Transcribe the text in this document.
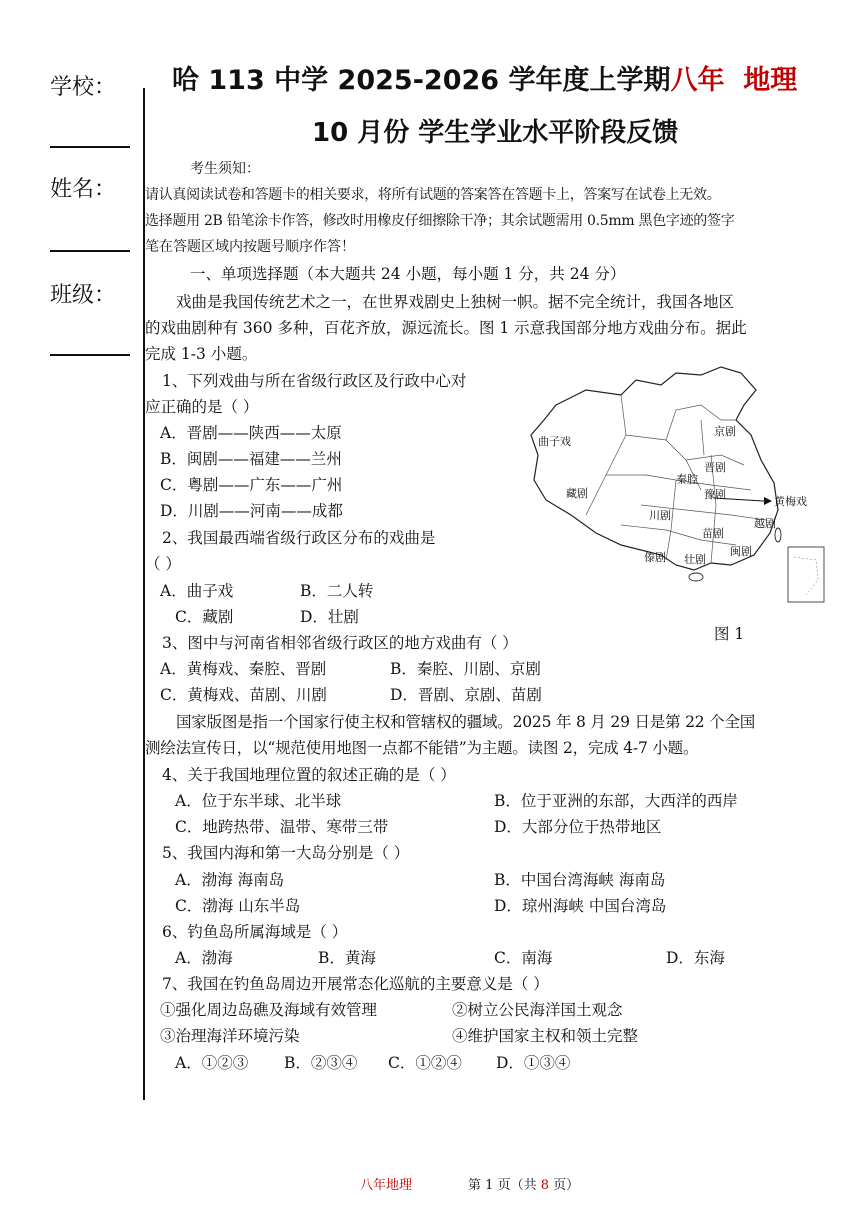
学校：
姓名：
班级：
哈 113 中学 2025-2026 学年度上学期八年 地理
10 月份 学生学业水平阶段反馈
考生须知：
请认真阅读试卷和答题卡的相关要求，将所有试题的答案答在答题卡上，答案写在试卷上无效。
选择题用 2B 铅笔涂卡作答，修改时用橡皮仔细擦除干净；其余试题需用 0.5mm 黑色字迹的签字
笔在答题区域内按题号顺序作答！
一、单项选择题（本大题共 24 小题，每小题 1 分，共 24 分）
戏曲是我国传统艺术之一，在世界戏剧史上独树一帜。据不完全统计，我国各地区
的戏曲剧种有 360 多种，百花齐放，源远流长。图 1 示意我国部分地方戏曲分布。据此
完成 1-3 小题。
1、下列戏曲与所在省级行政区及行政中心对
应正确的是（ ）
A．晋剧——陕西——太原
B．闽剧——福建——兰州
C．粤剧——广东——广州
D．川剧——河南——成都
2、我国最西端省级行政区分布的戏曲是
（ ）
A．曲子戏	B．二人转
C．藏剧	D．壮剧
曲子戏
京剧
晋剧
藏剧
秦腔
豫剧
黄梅戏
川剧
苗剧
越剧
傣剧 壮剧
闽剧
图 1
3、图中与河南省相邻省级行政区的地方戏曲有（ ）
A．黄梅戏、秦腔、晋剧	B．秦腔、川剧、京剧
C．黄梅戏、苗剧、川剧	D．晋剧、京剧、苗剧
国家版图是指一个国家行使主权和管辖权的疆域。2025 年 8 月 29 日是第 22 个全国
测绘法宣传日，以“规范使用地图一点都不能错”为主题。读图 2，完成 4-7 小题。
4、关于我国地理位置的叙述正确的是（ ）
A．位于东半球、北半球	B．位于亚洲的东部，大西洋的西岸
C．地跨热带、温带、寒带三带	D．大部分位于热带地区
5、我国内海和第一大岛分别是（ ）
A．渤海 海南岛	B．中国台湾海峡 海南岛
C．渤海 山东半岛	D．琼州海峡 中国台湾岛
6、钓鱼岛所属海域是（ ）
A．渤海	B．黄海	C．南海	D．东海
7、我国在钓鱼岛周边开展常态化巡航的主要意义是（ ）
①强化周边岛礁及海域有效管理	②树立公民海洋国土观念
③治理海洋环境污染	④维护国家主权和领土完整
A．①②③ B．②③④ C．①②④ D．①③④
八年地理	第 1 页（共 8 页）
